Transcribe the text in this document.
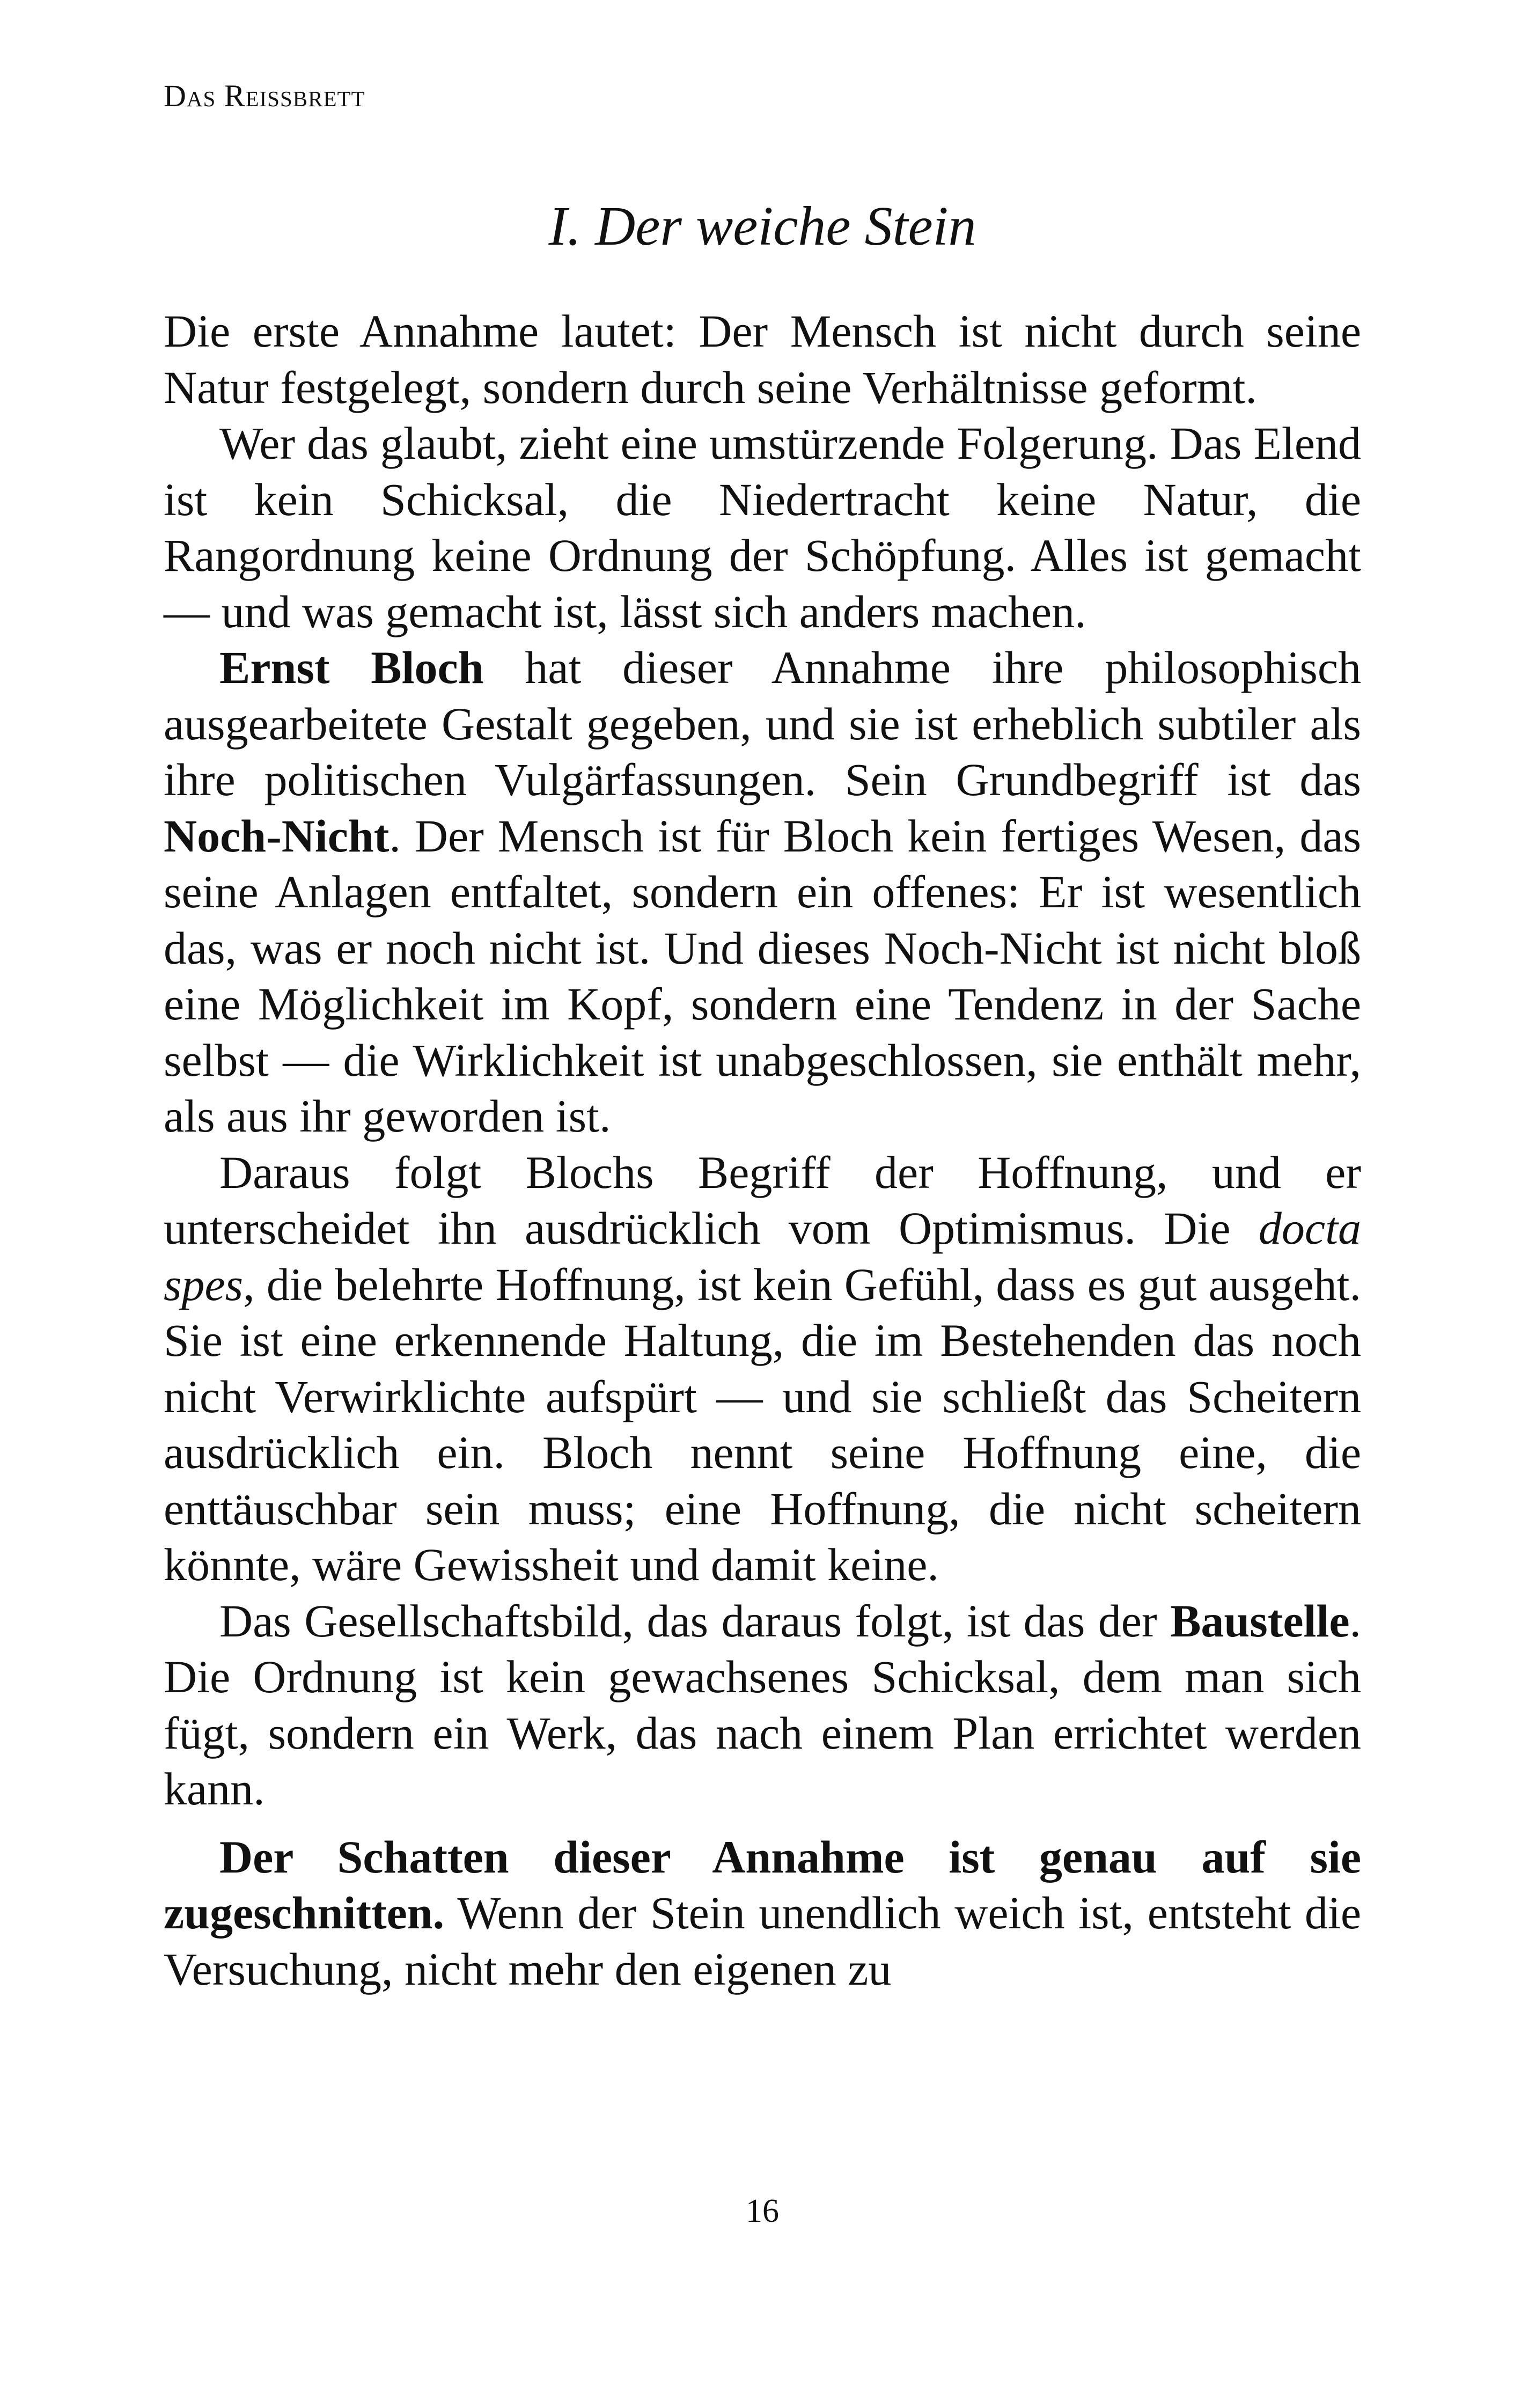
Das Reissbrett
I. Der weiche Stein

Die erste Annahme lautet: Der Mensch ist nicht durch seine Natur festgelegt, sondern durch seine Verhältnisse geformt.

Wer das glaubt, zieht eine umstürzende Folgerung. Das Elend ist kein Schicksal, die Niedertracht keine Natur, die Rangordnung keine Ordnung der Schöpfung. Alles ist gemacht — und was gemacht ist, lässt sich anders machen.

Ernst Bloch hat dieser Annahme ihre philosophisch ausgearbeitete Gestalt gegeben, und sie ist erheblich subtiler als ihre politischen Vulgärfassungen. Sein Grundbegriff ist das Noch-Nicht. Der Mensch ist für Bloch kein fertiges Wesen, das seine Anlagen entfaltet, sondern ein offenes: Er ist wesentlich das, was er noch nicht ist. Und dieses Noch-Nicht ist nicht bloß eine Möglichkeit im Kopf, sondern eine Tendenz in der Sache selbst — die Wirklichkeit ist unabgeschlossen, sie enthält mehr, als aus ihr geworden ist.

Daraus folgt Blochs Begriff der Hoffnung, und er unterscheidet ihn ausdrücklich vom Optimismus. Die docta spes, die belehrte Hoffnung, ist kein Gefühl, dass es gut ausgeht. Sie ist eine erkennende Haltung, die im Bestehenden das noch nicht Verwirklichte aufspürt — und sie schließt das Scheitern ausdrücklich ein. Bloch nennt seine Hoffnung eine, die enttäuschbar sein muss; eine Hoffnung, die nicht scheitern könnte, wäre Gewissheit und damit keine.

Das Gesellschaftsbild, das daraus folgt, ist das der Baustelle. Die Ordnung ist kein gewachsenes Schicksal, dem man sich fügt, sondern ein Werk, das nach einem Plan errichtet werden kann.

Der Schatten dieser Annahme ist genau auf sie zugeschnitten. Wenn der Stein unendlich weich ist, entsteht die Versuchung, nicht mehr den eigenen zu

16
